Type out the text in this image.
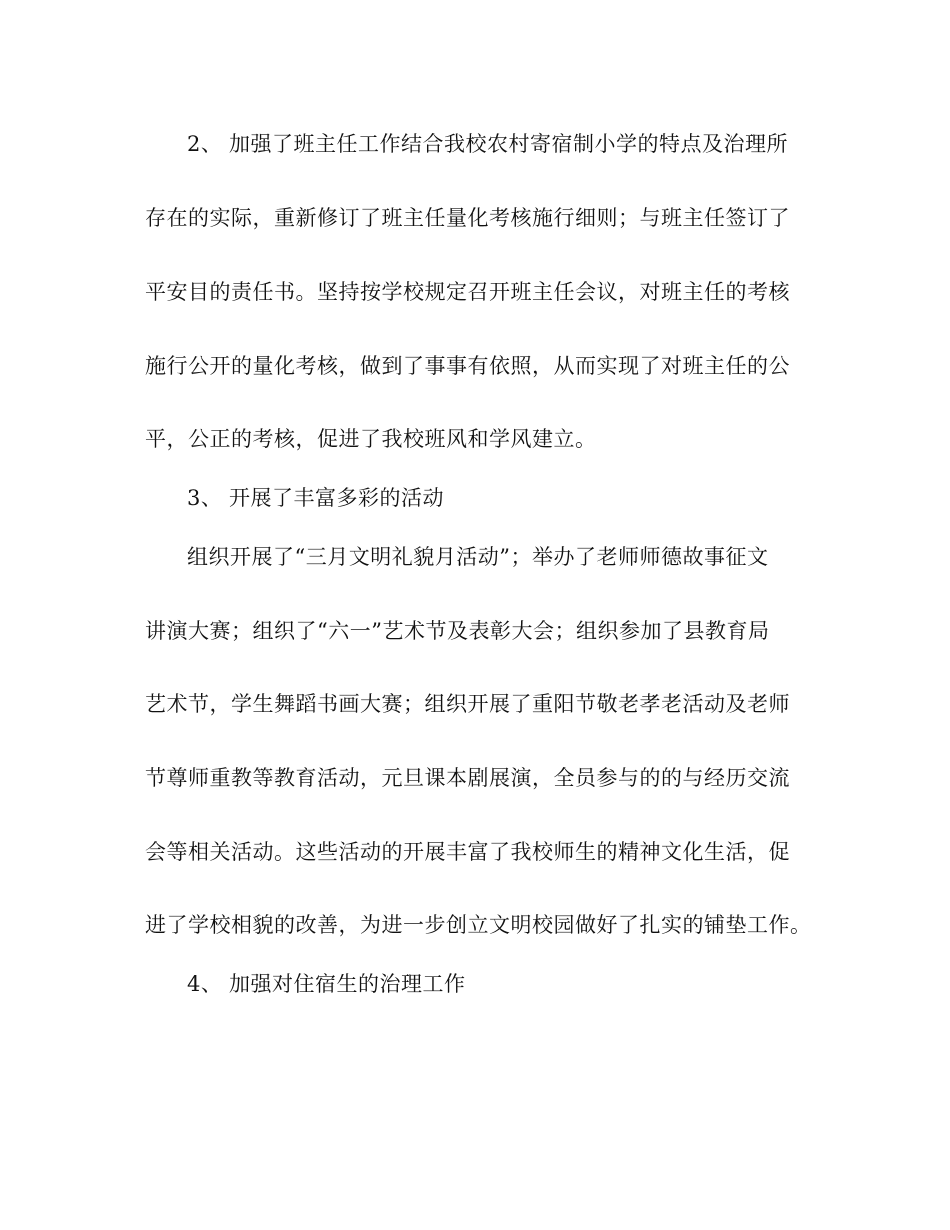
2、 加强了班主任工作结合我校农村寄宿制小学的特点及治理所
存在的实际，重新修订了班主任量化考核施行细则；与班主任签订了
平安目的责任书。坚持按学校规定召开班主任会议，对班主任的考核
施行公开的量化考核，做到了事事有依照，从而实现了对班主任的公
平，公正的考核，促进了我校班风和学风建立。
3、 开展了丰富多彩的活动
组织开展了“三月文明礼貌月活动”；举办了老师师德故事征文
讲演大赛；组织了“六一”艺术节及表彰大会；组织参加了县教育局
艺术节，学生舞蹈书画大赛；组织开展了重阳节敬老孝老活动及老师
节尊师重教等教育活动，元旦课本剧展演，全员参与的的与经历交流
会等相关活动。这些活动的开展丰富了我校师生的精神文化生活，促
进了学校相貌的改善，为进一步创立文明校园做好了扎实的铺垫工作。
4、 加强对住宿生的治理工作
